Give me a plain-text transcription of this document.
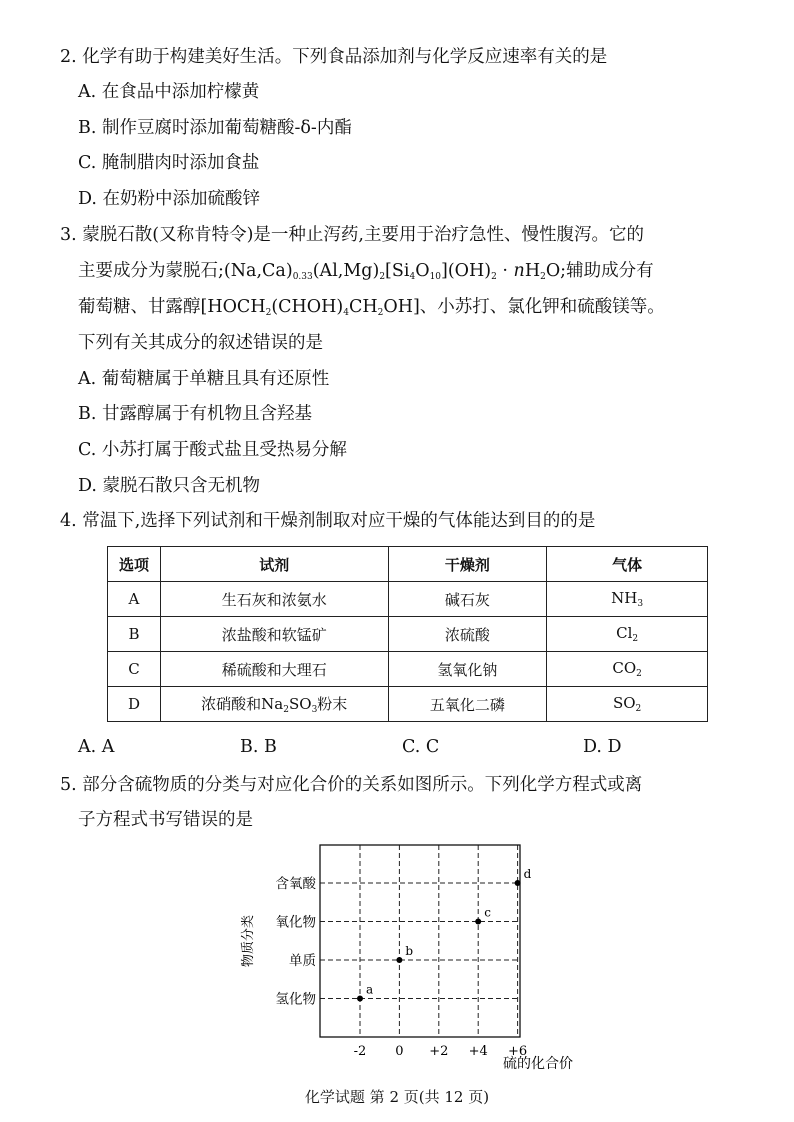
2. 化学有助于构建美好生活。下列食品添加剂与化学反应速率有关的是
A. 在食品中添加柠檬黄
B. 制作豆腐时添加葡萄糖酸-δ-内酯
C. 腌制腊肉时添加食盐
D. 在奶粉中添加硫酸锌
3. 蒙脱石散(又称肯特令)是一种止泻药,主要用于治疗急性、慢性腹泻。它的
主要成分为蒙脱石$;(Na,Ca)_{0.33}(Al,Mg)_2[Si_4O_{10}](OH)_2 \cdot nH_2O$;辅助成分有
葡萄糖、甘露醇$[HOCH_2(CHOH)_4CH_2OH]$、小苏打、氯化钾和硫酸镁等。
下列有关其成分的叙述错误的是
A. 葡萄糖属于单糖且具有还原性
B. 甘露醇属于有机物且含羟基
C. 小苏打属于酸式盐且受热易分解
D. 蒙脱石散只含无机物
4. 常温下,选择下列试剂和干燥剂制取对应干燥的气体能达到目的的是
选项	试剂	干燥剂	气体
A	生石灰和浓氨水	碱石灰	$NH_3$
B	浓盐酸和软锰矿	浓硫酸	$Cl_2$
C	稀硫酸和大理石	氢氧化钠	$CO_2$
D	浓硝酸和$Na_2SO_3$粉末	五氧化二磷	$SO_2$
A. A	B. B	C. C	D. D
5. 部分含硫物质的分类与对应化合价的关系如图所示。下列化学方程式或离
子方程式书写错误的是
物质分类
硫的化合价
-2 0 +2 +4 +6
含氧酸
氧化物
单质
氢化物
a
b
c
d
化学试题 第 2 页(共 12 页)
